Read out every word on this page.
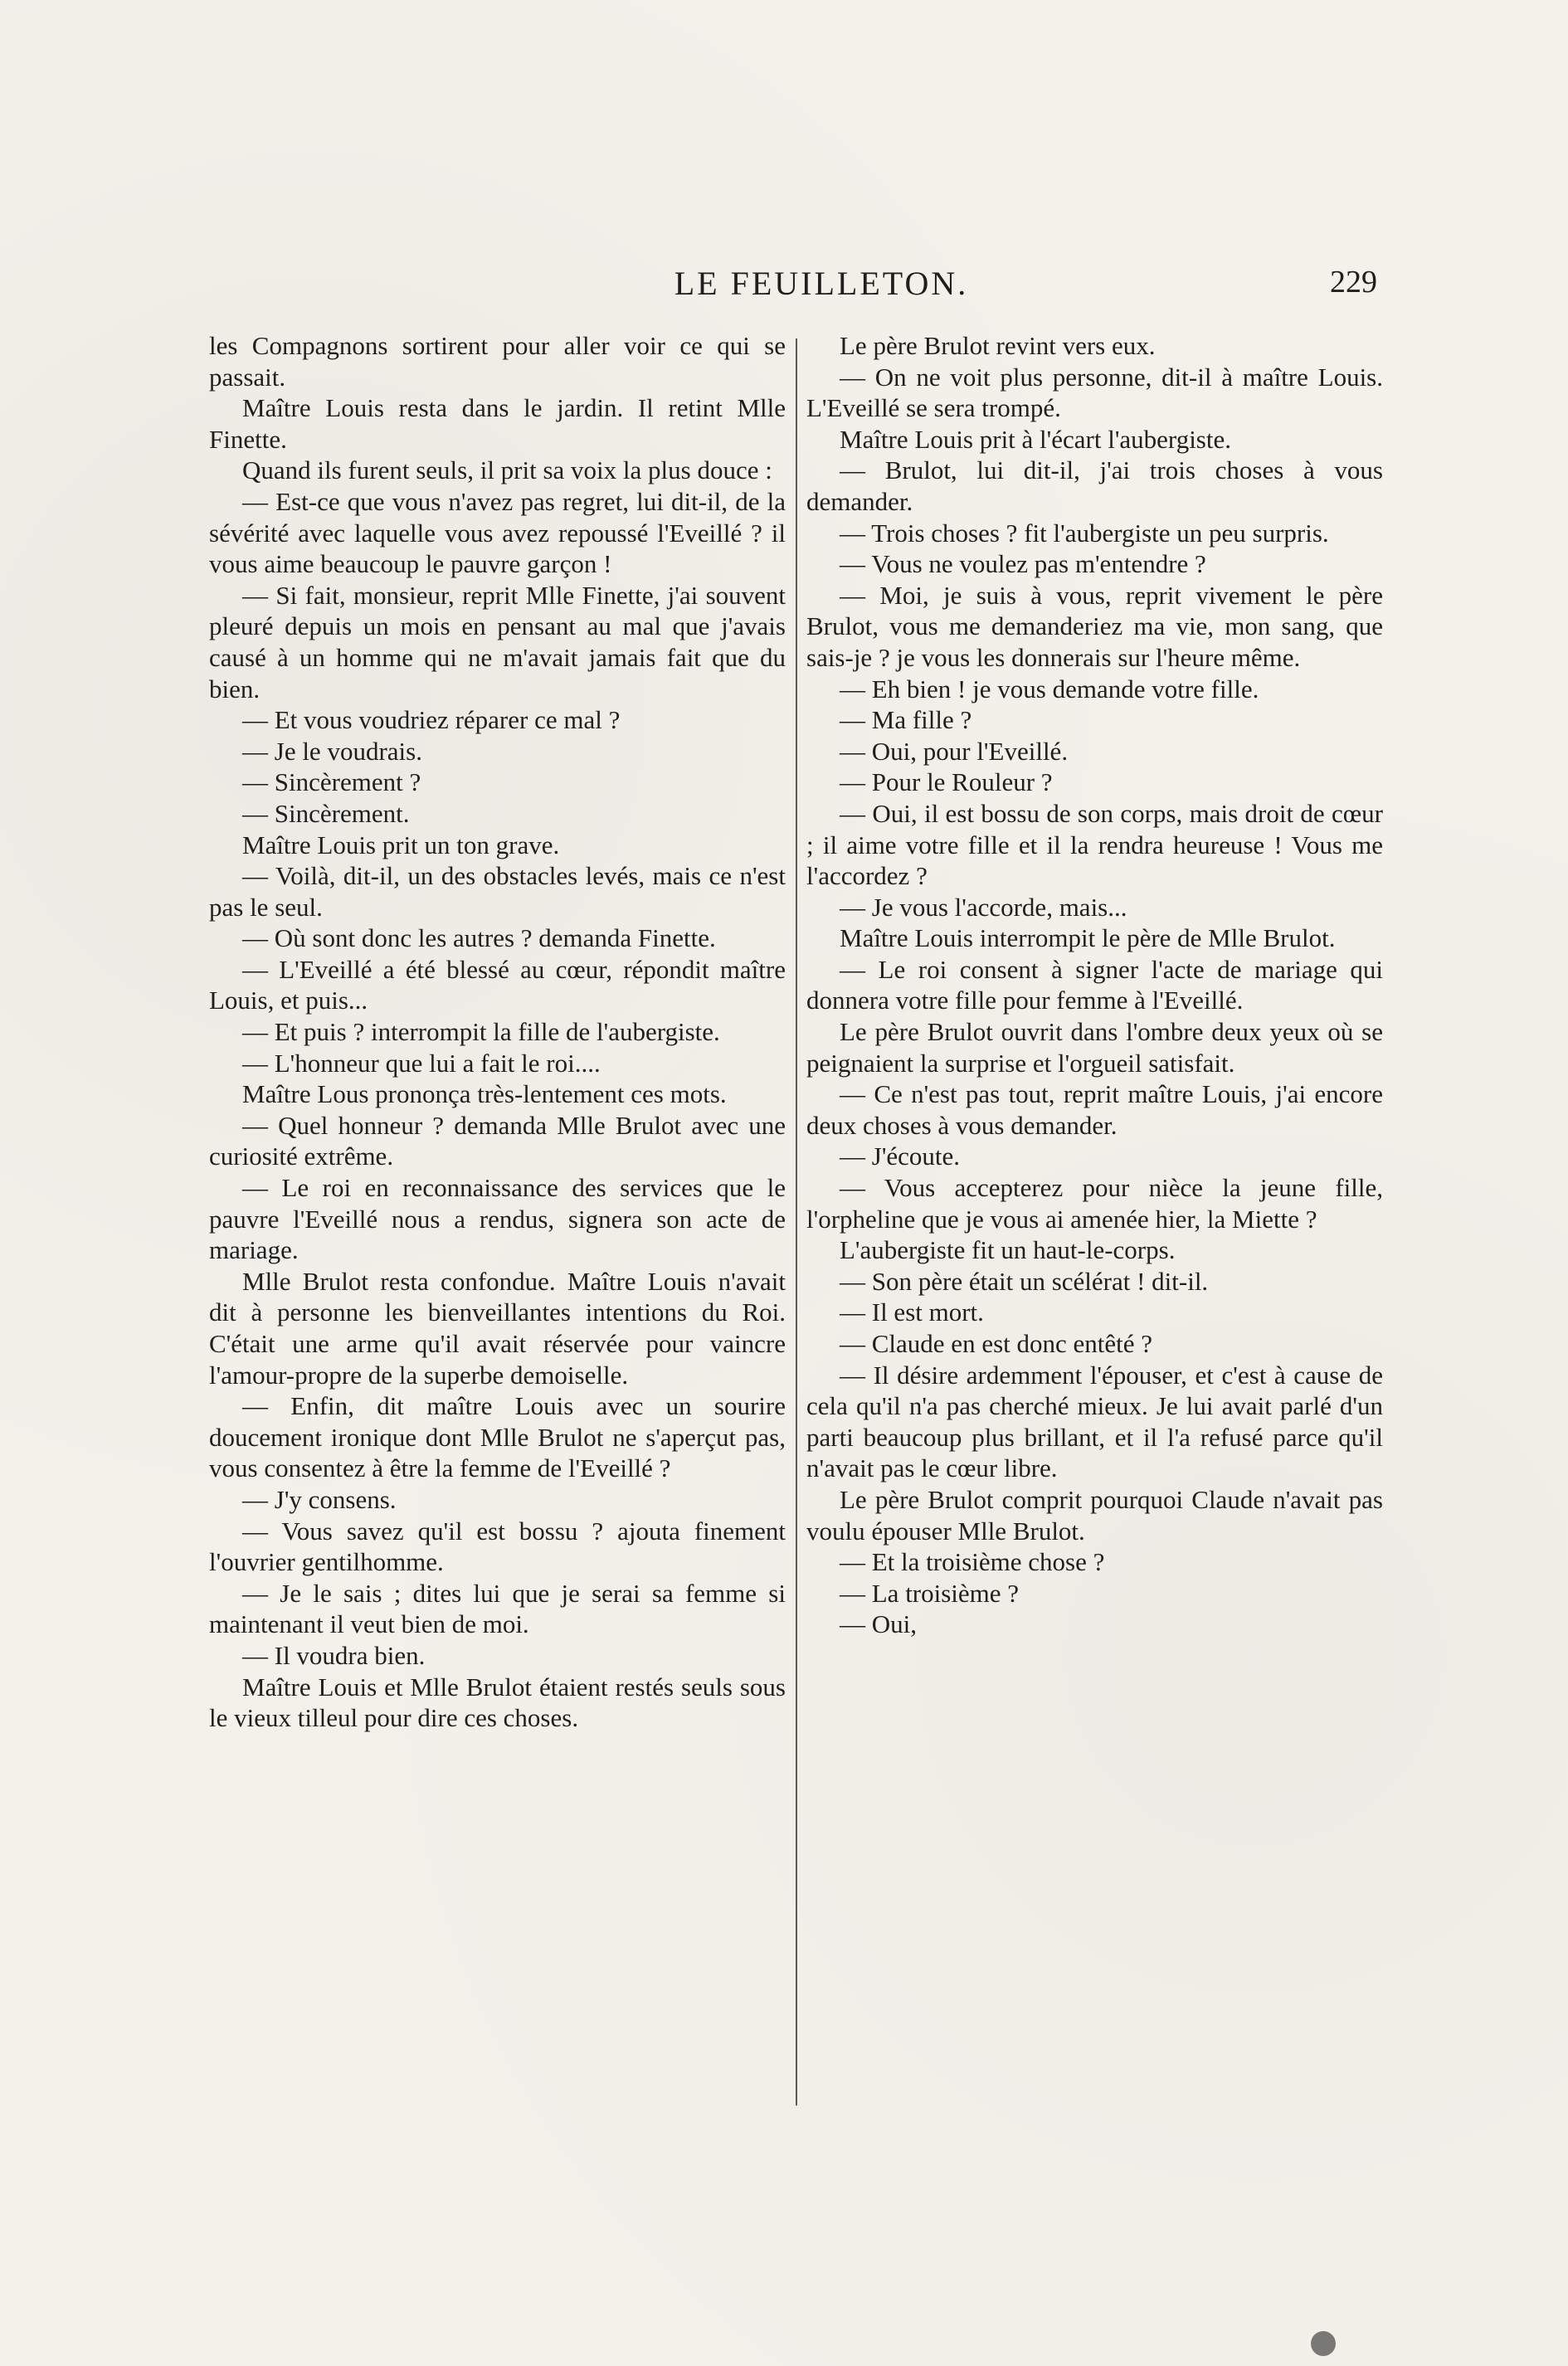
LE FEUILLETON.	229

les Compagnons sortirent pour aller voir ce qui se passait.

Maître Louis resta dans le jardin. Il retint Mlle Finette.

Quand ils furent seuls, il prit sa voix la plus douce :

— Est-ce que vous n'avez pas regret, lui dit-il, de la sévérité avec laquelle vous avez repoussé l'Eveillé ? il vous aime beaucoup le pauvre garçon !

— Si fait, monsieur, reprit Mlle Finette, j'ai souvent pleuré depuis un mois en pensant au mal que j'avais causé à un homme qui ne m'avait jamais fait que du bien.

— Et vous voudriez réparer ce mal ?

— Je le voudrais.

— Sincèrement ?

— Sincèrement.

Maître Louis prit un ton grave.

— Voilà, dit-il, un des obstacles levés, mais ce n'est pas le seul.

— Où sont donc les autres ? demanda Finette.

— L'Eveillé a été blessé au cœur, répondit maître Louis, et puis...

— Et puis ? interrompit la fille de l'aubergiste.

— L'honneur que lui a fait le roi....

Maître Lous prononça très-lentement ces mots.

— Quel honneur ? demanda Mlle Brulot avec une curiosité extrême.

— Le roi en reconnaissance des services que le pauvre l'Eveillé nous a rendus, signera son acte de mariage.

Mlle Brulot resta confondue. Maître Louis n'avait dit à personne les bienveillantes intentions du Roi. C'était une arme qu'il avait réservée pour vaincre l'amour-propre de la superbe demoiselle.

— Enfin, dit maître Louis avec un sourire doucement ironique dont Mlle Brulot ne s'aperçut pas, vous consentez à être la femme de l'Eveillé ?

— J'y consens.

— Vous savez qu'il est bossu ? ajouta finement l'ouvrier gentilhomme.

— Je le sais ; dites lui que je serai sa femme si maintenant il veut bien de moi.

— Il voudra bien.

Maître Louis et Mlle Brulot étaient restés seuls sous le vieux tilleul pour dire ces choses.

Le père Brulot revint vers eux.

— On ne voit plus personne, dit-il à maître Louis. L'Eveillé se sera trompé.

Maître Louis prit à l'écart l'aubergiste.

— Brulot, lui dit-il, j'ai trois choses à vous demander.

— Trois choses ? fit l'aubergiste un peu surpris.

— Vous ne voulez pas m'entendre ?

— Moi, je suis à vous, reprit vivement le père Brulot, vous me demanderiez ma vie, mon sang, que sais-je ? je vous les donnerais sur l'heure même.

— Eh bien ! je vous demande votre fille.

— Ma fille ?

— Oui, pour l'Eveillé.

— Pour le Rouleur ?

— Oui, il est bossu de son corps, mais droit de cœur ; il aime votre fille et il la rendra heureuse ! Vous me l'accordez ?

— Je vous l'accorde, mais...

Maître Louis interrompit le père de Mlle Brulot.

— Le roi consent à signer l'acte de mariage qui donnera votre fille pour femme à l'Eveillé.

Le père Brulot ouvrit dans l'ombre deux yeux où se peignaient la surprise et l'orgueil satisfait.

— Ce n'est pas tout, reprit maître Louis, j'ai encore deux choses à vous demander.

— J'écoute.

— Vous accepterez pour nièce la jeune fille, l'orpheline que je vous ai amenée hier, la Miette ?

L'aubergiste fit un haut-le-corps.

— Son père était un scélérat ! dit-il.

— Il est mort.

— Claude en est donc entêté ?

— Il désire ardemment l'épouser, et c'est à cause de cela qu'il n'a pas cherché mieux. Je lui avait parlé d'un parti beaucoup plus brillant, et il l'a refusé parce qu'il n'avait pas le cœur libre.

Le père Brulot comprit pourquoi Claude n'avait pas voulu épouser Mlle Brulot.

— Et la troisième chose ?

— La troisième ?

— Oui,
